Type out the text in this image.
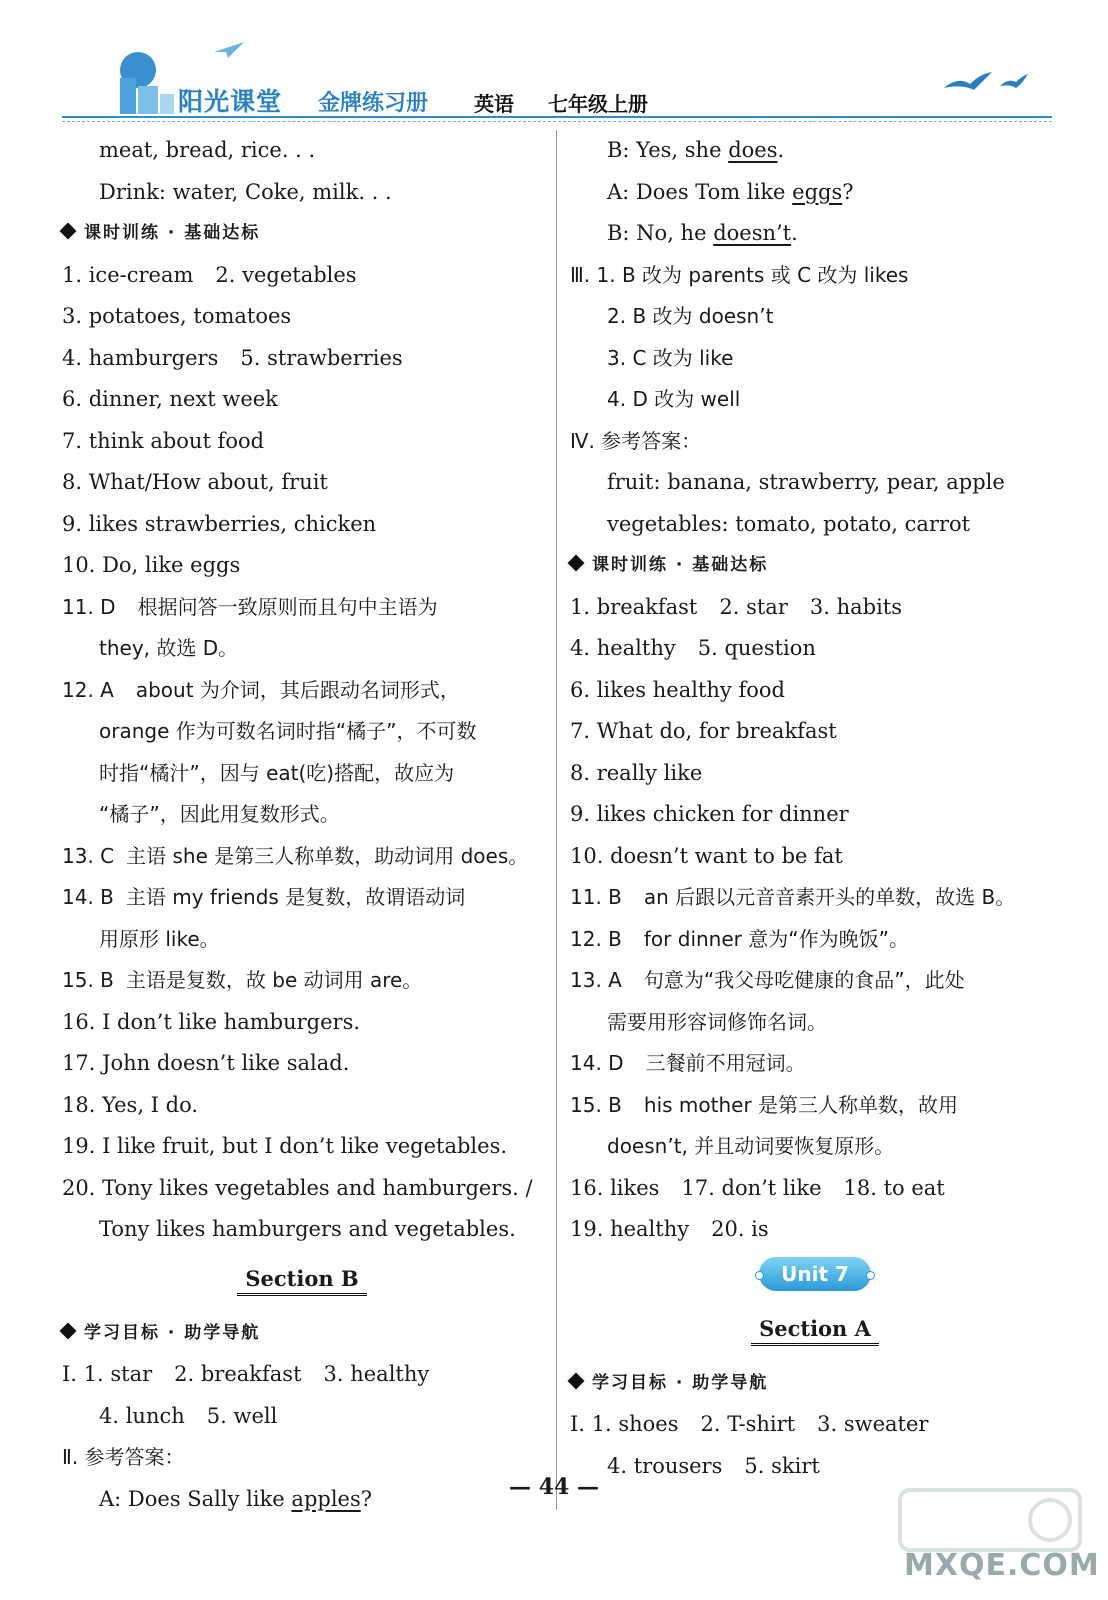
阳光课堂 金牌练习册 英语 七年级上册
meat, bread, rice. . .
Drink: water, Coke, milk. . .
课时训练 · 基础达标
1. ice-cream 2. vegetables
3. potatoes, tomatoes
4. hamburgers 5. strawberries
6. dinner, next week
7. think about food
8. What/How about, fruit
9. likes strawberries, chicken
10. Do, like eggs
11. D 根据问答一致原则而且句中主语为
they, 故选 D。
12. A about 为介词，其后跟动名词形式，
orange 作为可数名词时指“橘子”，不可数
时指“橘汁”，因与 eat(吃)搭配，故应为
“橘子”，因此用复数形式。
13. C 主语 she 是第三人称单数，助动词用 does。
14. B 主语 my friends 是复数，故谓语动词
用原形 like。
15. B 主语是复数，故 be 动词用 are。
16. I don’t like hamburgers.
17. John doesn’t like salad.
18. Yes, I do.
19. I like fruit, but I don’t like vegetables.
20. Tony likes vegetables and hamburgers. /
Tony likes hamburgers and vegetables.
Section B
学习目标 · 助学导航
Ⅰ. 1. star 2. breakfast 3. healthy
4. lunch 5. well
Ⅱ. 参考答案：
A: Does Sally like apples?
B: Yes, she does.
A: Does Tom like eggs?
B: No, he doesn’t.
Ⅲ. 1. B 改为 parents 或 C 改为 likes
2. B 改为 doesn’t
3. C 改为 like
4. D 改为 well
Ⅳ. 参考答案：
fruit: banana, strawberry, pear, apple
vegetables: tomato, potato, carrot
课时训练 · 基础达标
1. breakfast 2. star 3. habits
4. healthy 5. question
6. likes healthy food
7. What do, for breakfast
8. really like
9. likes chicken for dinner
10. doesn’t want to be fat
11. B an 后跟以元音音素开头的单数，故选 B。
12. B for dinner 意为“作为晚饭”。
13. A 句意为“我父母吃健康的食品”，此处
需要用形容词修饰名词。
14. D 三餐前不用冠词。
15. B his mother 是第三人称单数，故用
doesn’t, 并且动词要恢复原形。
16. likes 17. don’t like 18. to eat
19. healthy 20. is
Unit 7
Section A
学习目标 · 助学导航
Ⅰ. 1. shoes 2. T-shirt 3. sweater
4. trousers 5. skirt
— 44 —
MXQE.COM
